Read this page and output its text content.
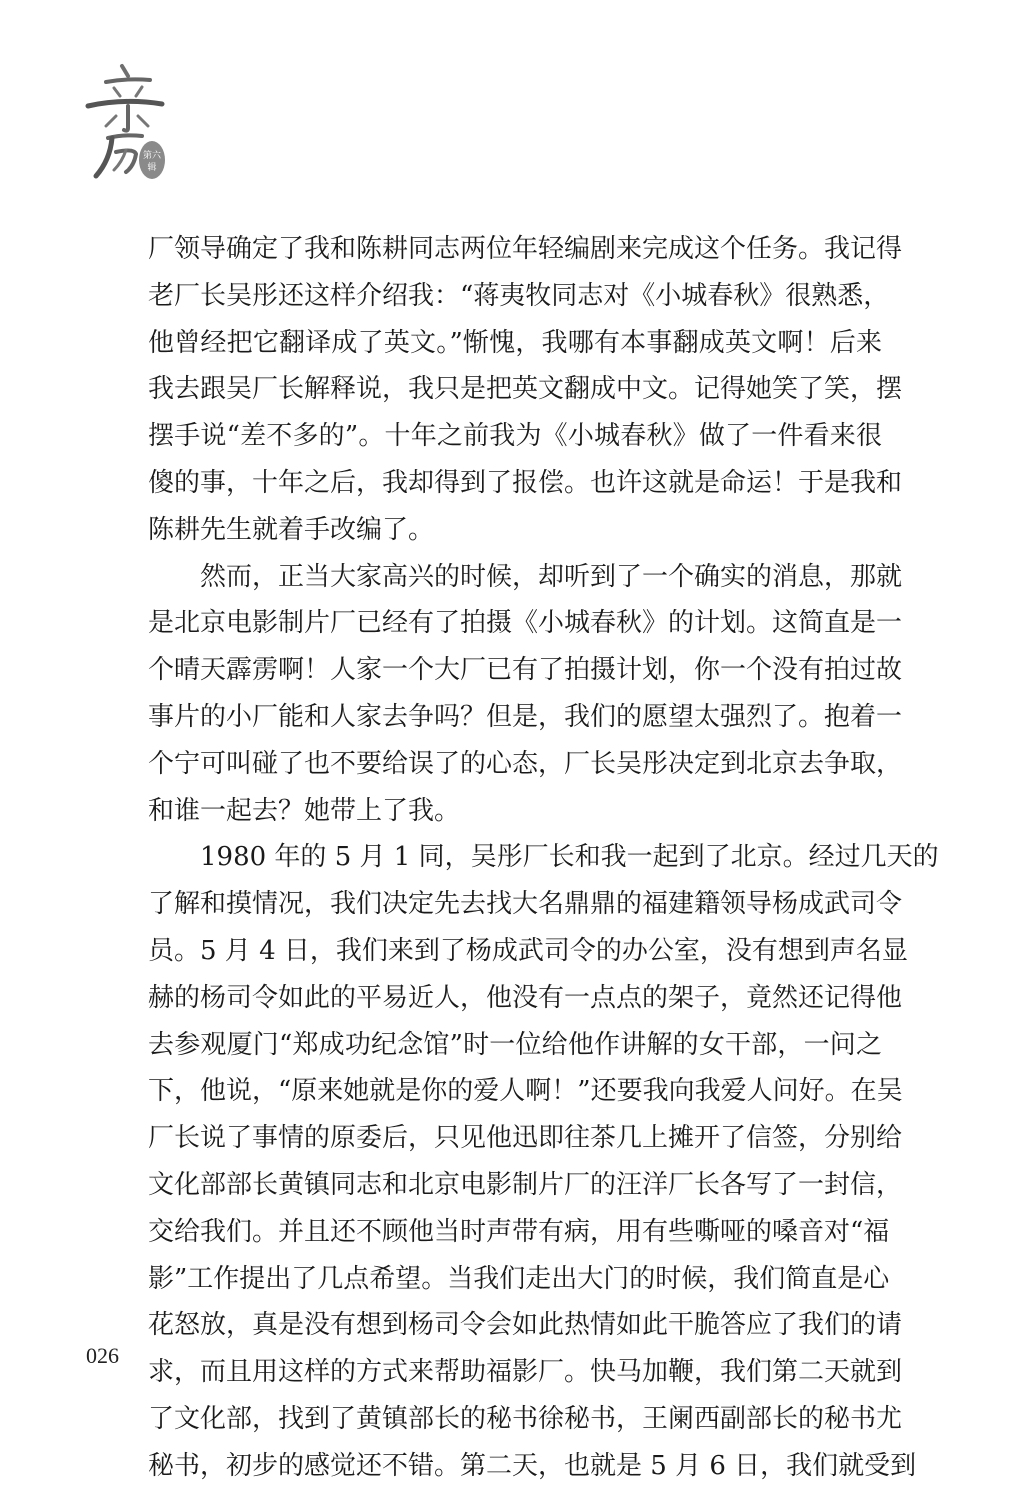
第六
辑
厂领导确定了我和陈耕同志两位年轻编剧来完成这个任务。我记得
老厂长吴彤还这样介绍我：“蒋夷牧同志对《小城春秋》很熟悉，
他曾经把它翻译成了英文。”惭愧，我哪有本事翻成英文啊！后来
我去跟吴厂长解释说，我只是把英文翻成中文。记得她笑了笑，摆
摆手说“差不多的”。十年之前我为《小城春秋》做了一件看来很
傻的事，十年之后，我却得到了报偿。也许这就是命运！于是我和
陈耕先生就着手改编了。
然而，正当大家高兴的时候，却听到了一个确实的消息，那就
是北京电影制片厂已经有了拍摄《小城春秋》的计划。这简直是一
个晴天霹雳啊！人家一个大厂已有了拍摄计划，你一个没有拍过故
事片的小厂能和人家去争吗？但是，我们的愿望太强烈了。抱着一
个宁可叫碰了也不要给误了的心态，厂长吴彤决定到北京去争取，
和谁一起去？她带上了我。
1980 年的 5 月 1 同，吴彤厂长和我一起到了北京。经过几天的
了解和摸情况，我们决定先去找大名鼎鼎的福建籍领导杨成武司令
员。5 月 4 日，我们来到了杨成武司令的办公室，没有想到声名显
赫的杨司令如此的平易近人，他没有一点点的架子，竟然还记得他
去参观厦门“郑成功纪念馆”时一位给他作讲解的女干部，一问之
下，他说，“原来她就是你的爱人啊！”还要我向我爱人问好。在吴
厂长说了事情的原委后，只见他迅即往茶几上摊开了信签，分别给
文化部部长黄镇同志和北京电影制片厂的汪洋厂长各写了一封信，
交给我们。并且还不顾他当时声带有病，用有些嘶哑的嗓音对“福
影”工作提出了几点希望。当我们走出大门的时候，我们简直是心
花怒放，真是没有想到杨司令会如此热情如此干脆答应了我们的请
求，而且用这样的方式来帮助福影厂。快马加鞭，我们第二天就到
了文化部，找到了黄镇部长的秘书徐秘书，王阑西副部长的秘书尤
秘书，初步的感觉还不错。第二天，也就是 5 月 6 日，我们就受到
026
